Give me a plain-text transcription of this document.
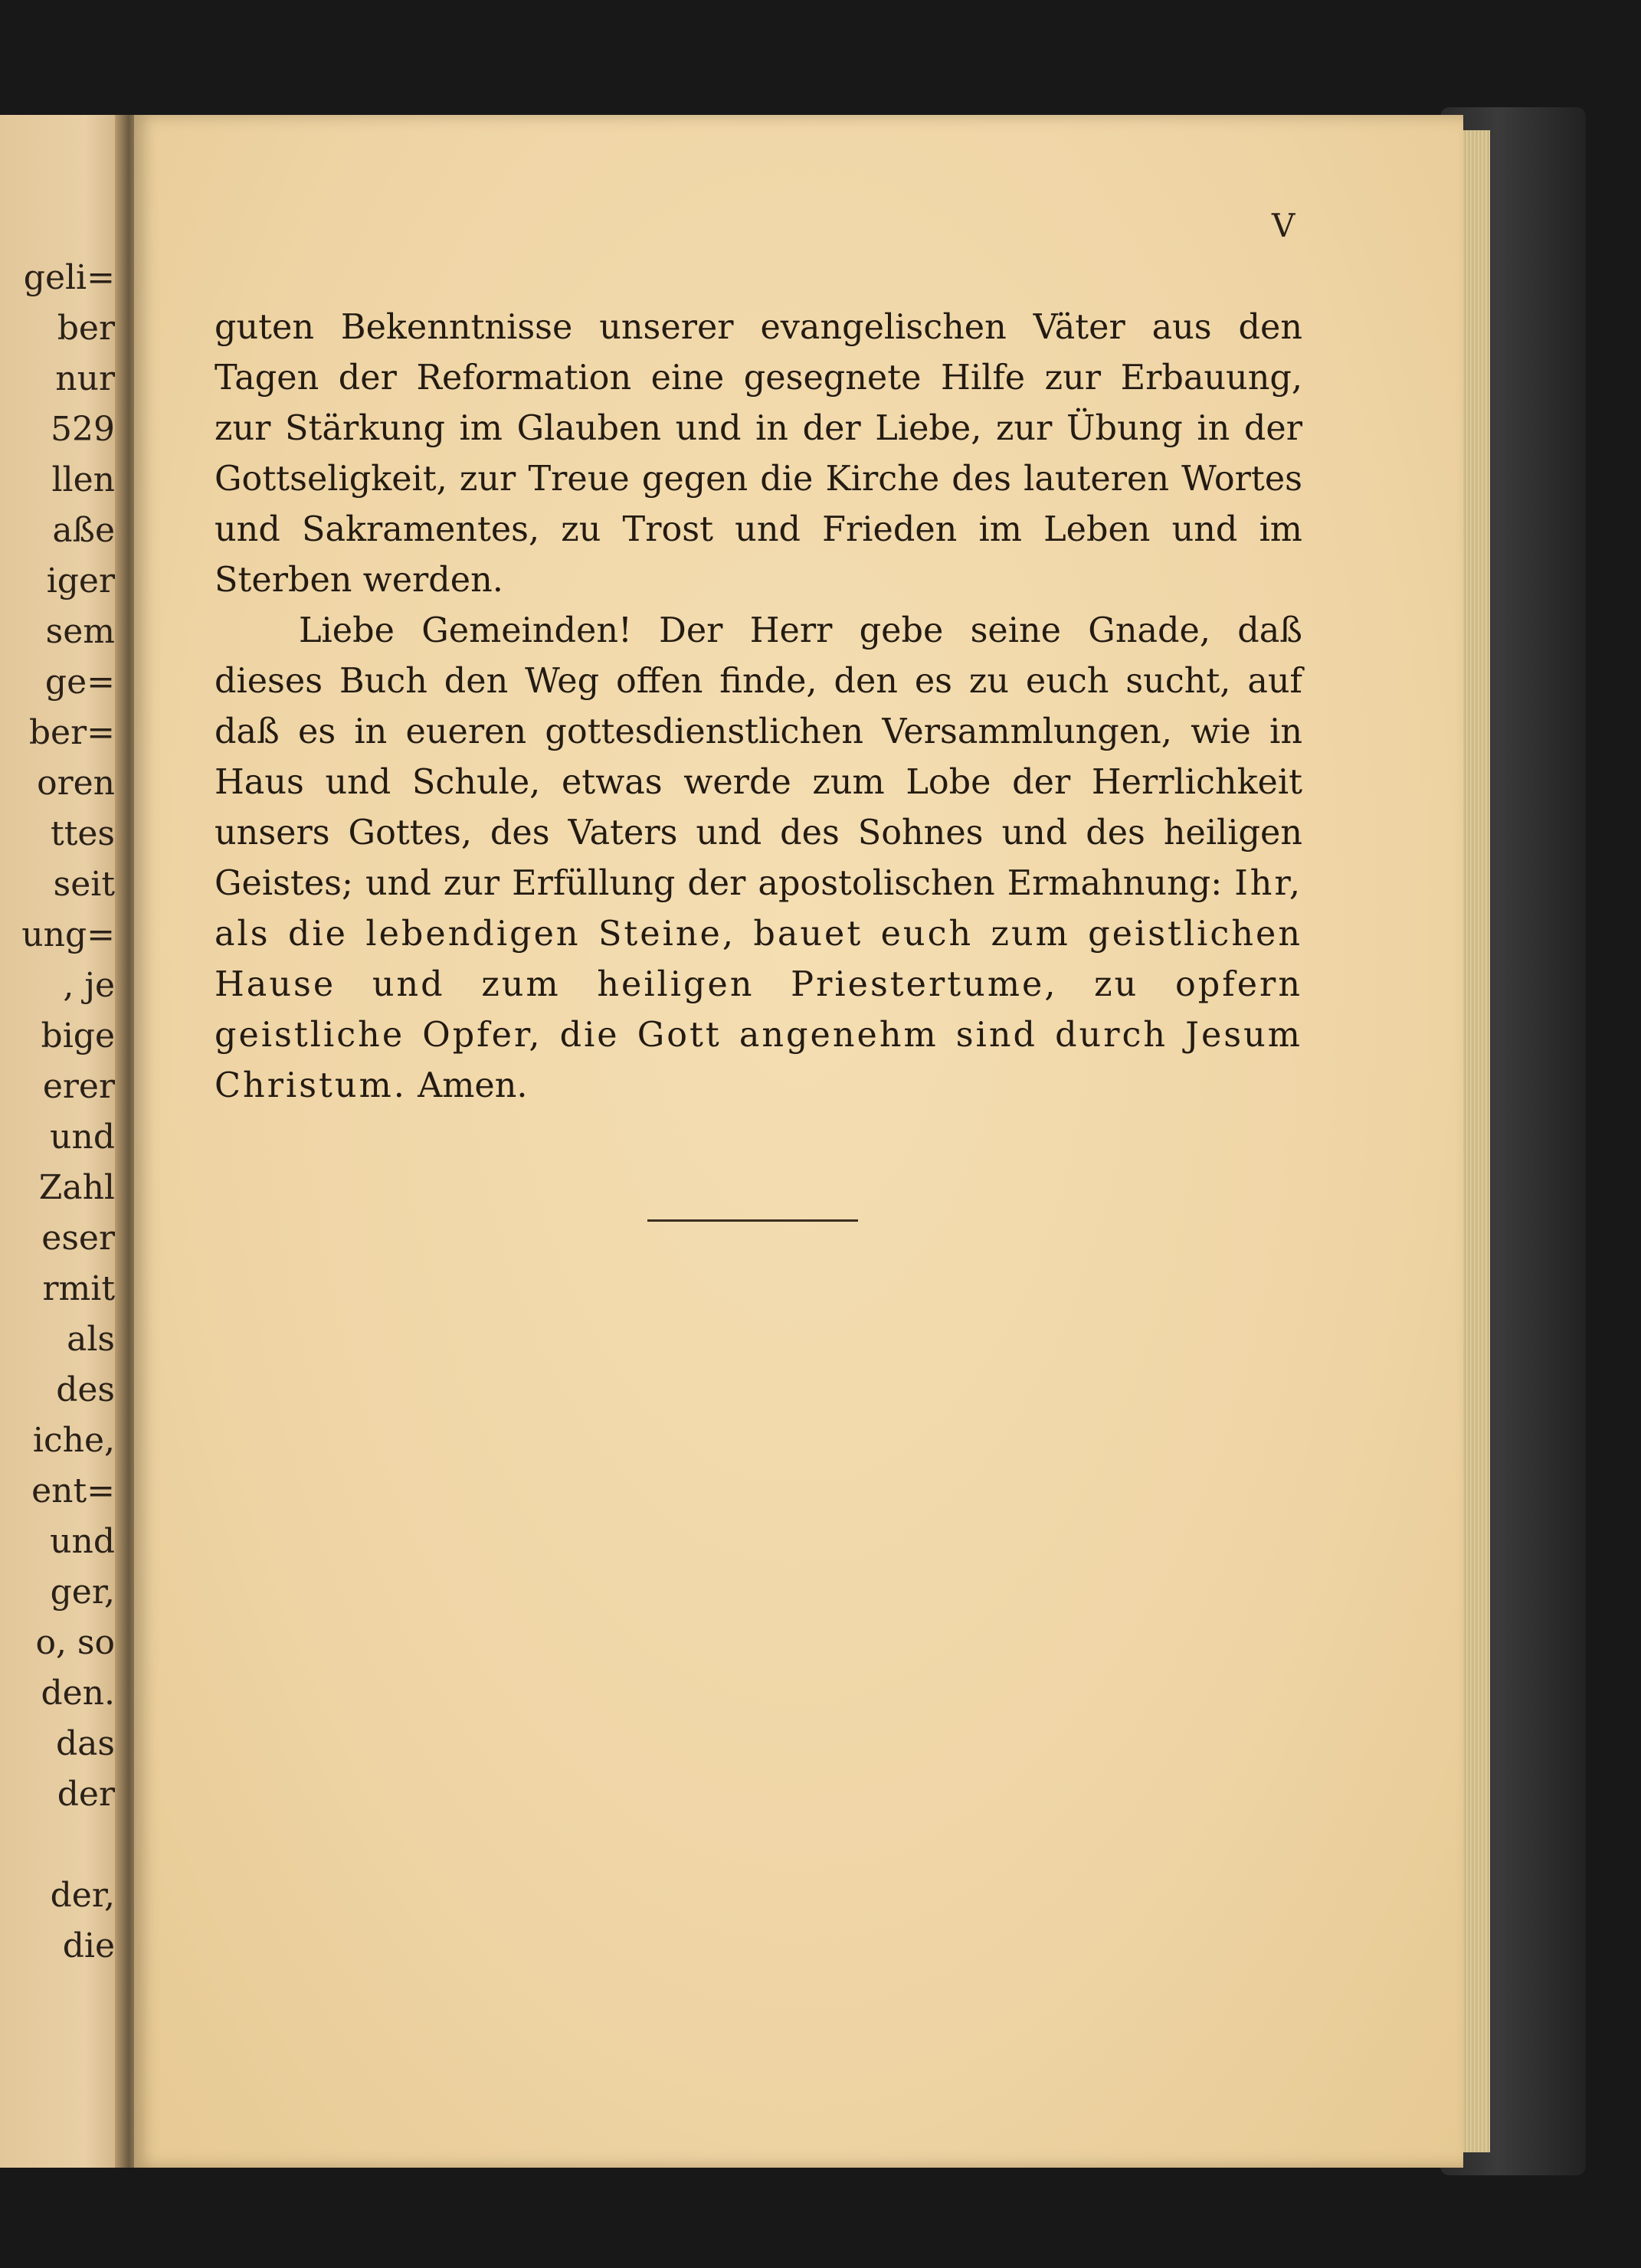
geli=
ber
nur
529
llen
aße
iger
sem
ge=
ber=
oren
ttes
seit
ung=
, je
bige
erer
und
Zahl
eser
rmit
als
des
iche,
ent=
und
ger,
o, so
den.
das
der
der,
die
V

guten Bekenntnisse unserer evangelischen Väter aus den Tagen der Reformation eine gesegnete Hilfe zur Erbauung, zur Stärkung im Glauben und in der Liebe, zur Übung in der Gottseligkeit, zur Treue gegen die Kirche des lauteren Wortes und Sakramentes, zu Trost und Frieden im Leben und im Sterben werden.

Liebe Gemeinden! Der Herr gebe seine Gnade, daß dieses Buch den Weg offen finde, den es zu euch sucht, auf daß es in eueren gottesdienstlichen Versammlungen, wie in Haus und Schule, etwas werde zum Lobe der Herrlichkeit unsers Gottes, des Vaters und des Sohnes und des heiligen Geistes; und zur Erfüllung der apostolischen Ermahnung: Ihr, als die lebendigen Steine, bauet euch zum geistlichen Hause und zum heiligen Priestertume, zu opfern geistliche Opfer, die Gott angenehm sind durch Jesum Christum. Amen.
